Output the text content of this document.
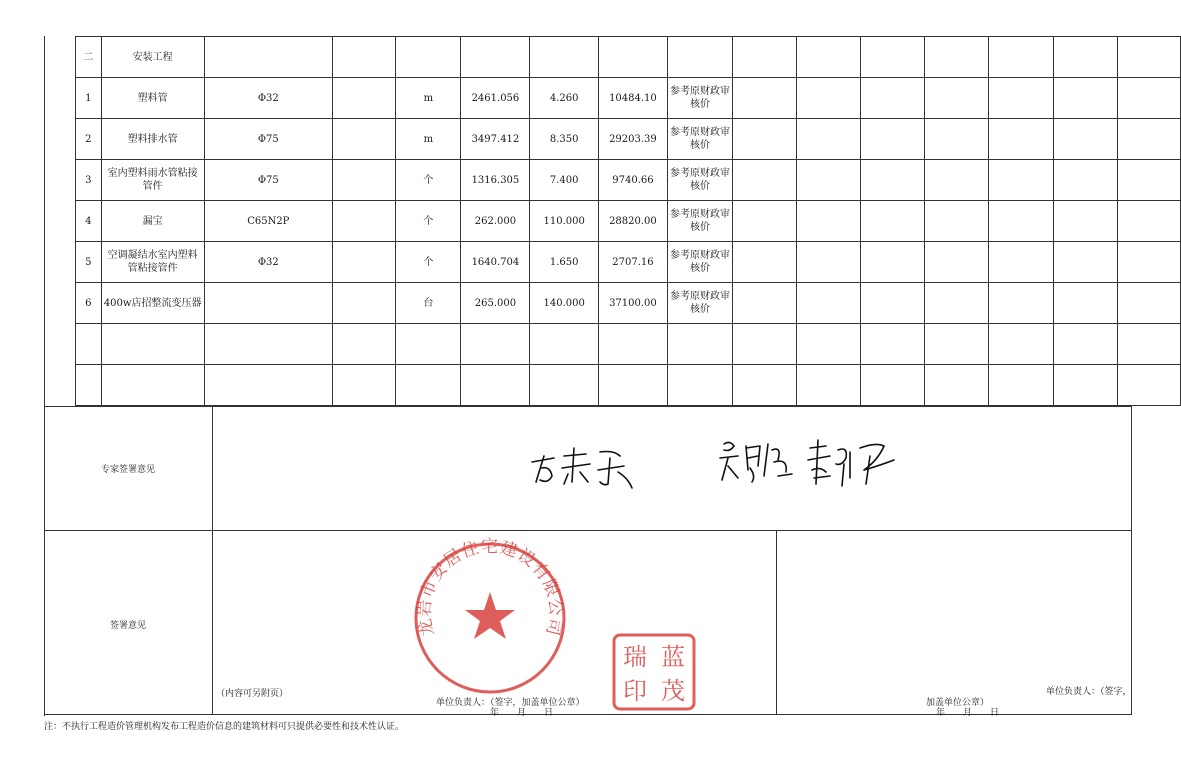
二	安装工程														
1	塑料管	Φ32		m	2461.056	4.260	10484.10	参考原财政审核价							
2	塑料排水管	Φ75		m	3497.412	8.350	29203.39	参考原财政审核价							
3	室内塑料雨水管粘接管件	Φ75		个	1316.305	7.400	9740.66	参考原财政审核价							
4	漏宝	C65N2P		个	262.000	110.000	28820.00	参考原财政审核价							
5	空调凝结水室内塑料管粘接管件	Φ32		个	1640.704	1.650	2707.16	参考原财政审核价							
6	400w店招整流变压器			台	265.000	140.000	37100.00	参考原财政审核价							

专家签署意见
签署意见
（内容可另附页）
单位负责人：（签字，加盖单位公章）
年　　月　　日
单位负责人：（签字，
加盖单位公章）
年　　月　　日
龙岩市安居住宅建设有限公司
蓝
茂
瑞
印
注：不执行工程造价管理机构发布工程造价信息的建筑材料可只提供必要性和技术性认证。
